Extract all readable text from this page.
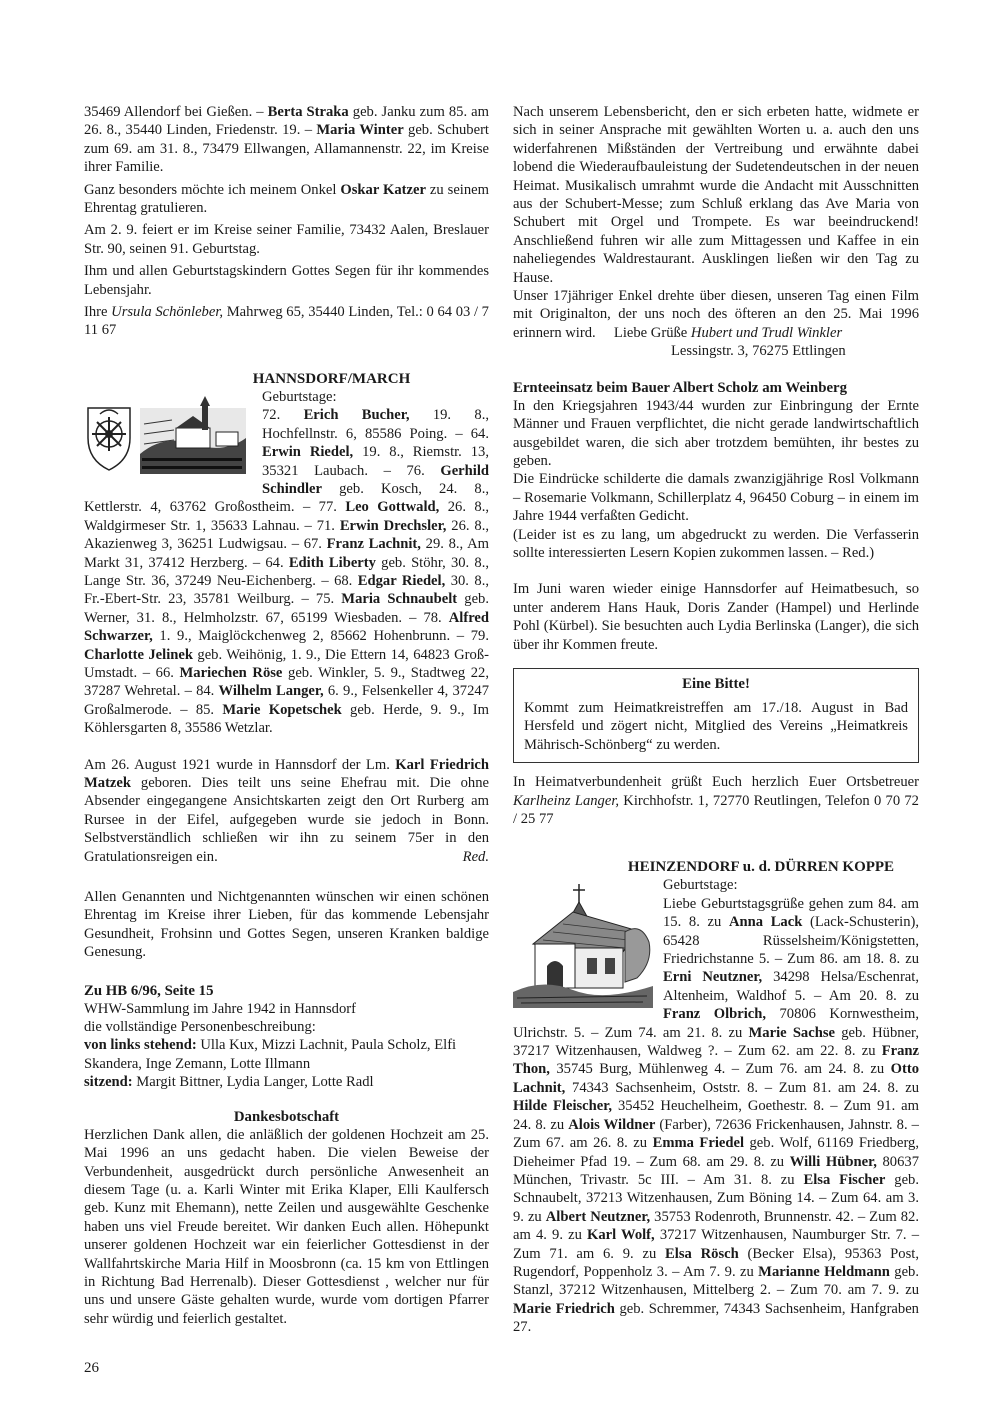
35469 Allendorf bei Gießen. – Berta Straka geb. Janku zum 85. am 26. 8., 35440 Linden, Friedenstr. 19. – Maria Winter geb. Schubert zum 69. am 31. 8., 73479 Ellwangen, Allamannenstr. 22, im Kreise ihrer Familie.

Ganz besonders möchte ich meinem Onkel Oskar Katzer zu seinem Ehrentag gratulieren.

Am 2. 9. feiert er im Kreise seiner Familie, 73432 Aalen, Breslauer Str. 90, seinen 91. Geburtstag.

Ihm und allen Geburtstagskindern Gottes Segen für ihr kommendes Lebensjahr.

Ihre Ursula Schönleber, Mahrweg 65, 35440 Linden, Tel.: 0 64 03 / 7 11 67

HANNSDORF/MARCH
Geburtstage:
72. Erich Bucher, 19. 8., Hochfellnstr. 6, 85586 Poing. – 64. Erwin Riedel, 19. 8., Riemstr. 13, 35321 Laubach. – 76. Gerhild Schindler geb. Kosch, 24. 8., Kettlerstr. 4, 63762 Großostheim. – 77. Leo Gottwald, 26. 8., Waldgirmeser Str. 1, 35633 Lahnau. – 71. Erwin Drechsler, 26. 8., Akazienweg 3, 36251 Ludwigsau. – 67. Franz Lachnit, 29. 8., Am Markt 31, 37412 Herzberg. – 64. Edith Liberty geb. Stöhr, 30. 8., Lange Str. 36, 37249 Neu-Eichenberg. – 68. Edgar Riedel, 30. 8., Fr.-Ebert-Str. 23, 35781 Weilburg. – 75. Maria Schnaubelt geb. Werner, 31. 8., Helmholzstr. 67, 65199 Wiesbaden. – 78. Alfred Schwarzer, 1. 9., Maiglöckchenweg 2, 85662 Hohenbrunn. – 79. Charlotte Jelinek geb. Weihönig, 1. 9., Die Ettern 14, 64823 Groß-Umstadt. – 66. Mariechen Röse geb. Winkler, 5. 9., Stadtweg 22, 37287 Wehretal. – 84. Wilhelm Langer, 6. 9., Felsenkeller 4, 37247 Großalmerode. – 85. Marie Kopetschek geb. Herde, 9. 9., Im Köhlersgarten 8, 35586 Wetzlar.

Am 26. August 1921 wurde in Hannsdorf der Lm. Karl Friedrich Matzek geboren. Dies teilt uns seine Ehefrau mit. Die ohne Absender eingegangene Ansichtskarten zeigt den Ort Rurberg am Rursee in der Eifel, aufgegeben wurde sie jedoch in Bonn. Selbstverständlich schließen wir ihn zu seinem 75er in den Gratulationsreigen ein.	Red.

Allen Genannten und Nichtgenannten wünschen wir einen schönen Ehrentag im Kreise ihrer Lieben, für das kommende Lebensjahr Gesundheit, Frohsinn und Gottes Segen, unseren Kranken baldige Genesung.

Zu HB 6/96, Seite 15
WHW-Sammlung im Jahre 1942 in Hannsdorf
die vollständige Personenbeschreibung:
von links stehend: Ulla Kux, Mizzi Lachnit, Paula Scholz, Elfi Skandera, Inge Zemann, Lotte Illmann
sitzend: Margit Bittner, Lydia Langer, Lotte Radl
Dankesbotschaft

Herzlichen Dank allen, die anläßlich der goldenen Hochzeit am 25. Mai 1996 an uns gedacht haben. Die vielen Beweise der Verbundenheit, ausgedrückt durch persönliche Anwesenheit an diesem Tage (u. a. Karli Winter mit Erika Klaper, Elli Kaulfersch geb. Kunz mit Ehemann), nette Zeilen und ausgewählte Geschenke haben uns viel Freude bereitet. Wir danken Euch allen. Höhepunkt unserer goldenen Hochzeit war ein feierlicher Gottesdienst in der Wallfahrtskirche Maria Hilf in Moosbronn (ca. 15 km von Ettlingen in Richtung Bad Herrenalb). Dieser Gottesdienst , welcher nur für uns und unsere Gäste gehalten wurde, wurde vom dortigen Pfarrer sehr würdig und feierlich gestaltet.

Nach unserem Lebensbericht, den er sich erbeten hatte, widmete er sich in seiner Ansprache mit gewählten Worten u. a. auch den uns widerfahrenen Mißständen der Vertreibung und erwähnte dabei lobend die Wiederaufbauleistung der Sudetendeutschen in der neuen Heimat. Musikalisch umrahmt wurde die Andacht mit Ausschnitten aus der Schubert-Messe; zum Schluß erklang das Ave Maria von Schubert mit Orgel und Trompete. Es war beeindruckend! Anschließend fuhren wir alle zum Mittagessen und Kaffee in ein naheliegendes Waldrestaurant. Ausklingen ließen wir den Tag zu Hause.

Unser 17jähriger Enkel drehte über diesen, unseren Tag einen Film mit Originalton, der uns noch des öfteren an den 25. Mai 1996 erinnern wird. Liebe Grüße Hubert und Trudl Winkler

Lessingstr. 3, 76275 Ettlingen
Ernteeinsatz beim Bauer Albert Scholz am Weinberg

In den Kriegsjahren 1943/44 wurden zur Einbringung der Ernte Männer und Frauen verpflichtet, die nicht gerade landwirtschaftlich ausgebildet waren, die sich aber trotzdem bemühten, ihr bestes zu geben.

Die Eindrücke schilderte die damals zwanzigjährige Rosl Volkmann – Rosemarie Volkmann, Schillerplatz 4, 96450 Coburg – in einem im Jahre 1944 verfaßten Gedicht.

(Leider ist es zu lang, um abgedruckt zu werden. Die Verfasserin sollte interessierten Lesern Kopien zukommen lassen. – Red.)

Im Juni waren wieder einige Hannsdorfer auf Heimatbesuch, so unter anderem Hans Hauk, Doris Zander (Hampel) und Herlinde Pohl (Kürbel). Sie besuchten auch Lydia Berlinska (Langer), die sich über ihr Kommen freute.

Eine Bitte!

Kommt zum Heimatkreistreffen am 17./18. August in Bad Hersfeld und zögert nicht, Mitglied des Vereins „Heimatkreis Mährisch-Schönberg“ zu werden.

In Heimatverbundenheit grüßt Euch herzlich Euer Ortsbetreuer Karlheinz Langer, Kirchhofstr. 1, 72770 Reutlingen, Telefon 0 70 72 / 25 77

HEINZENDORF u. d. DÜRREN KOPPE
Geburtstage:
Liebe Geburtstagsgrüße gehen zum 84. am 15. 8. zu Anna Lack (Lack-Schusterin), 65428 Rüsselsheim/Königstetten, Friedrichstanne 5. – Zum 86. am 18. 8. zu Erni Neutzner, 34298 Helsa/Eschenrat, Altenheim, Waldhof 5. – Am 20. 8. zu Franz Olbrich, 70806 Kornwestheim, Ulrichstr. 5. – Zum 74. am 21. 8. zu Marie Sachse geb. Hübner, 37217 Witzenhausen, Waldweg ?. – Zum 62. am 22. 8. zu Franz Thon, 35745 Burg, Mühlenweg 4. – Zum 76. am 24. 8. zu Otto Lachnit, 74343 Sachsenheim, Oststr. 8. – Zum 81. am 24. 8. zu Hilde Fleischer, 35452 Heuchelheim, Goethestr. 8. – Zum 91. am 24. 8. zu Alois Wildner (Farber), 72636 Frickenhausen, Jahnstr. 8. – Zum 67. am 26. 8. zu Emma Friedel geb. Wolf, 61169 Friedberg, Dieheimer Pfad 19. – Zum 68. am 29. 8. zu Willi Hübner, 80637 München, Trivastr. 5c III. – Am 31. 8. zu Elsa Fischer geb. Schnaubelt, 37213 Witzenhausen, Zum Böning 14. – Zum 64. am 3. 9. zu Albert Neutzner, 35753 Rodenroth, Brunnenstr. 42. – Zum 82. am 4. 9. zu Karl Wolf, 37217 Witzenhausen, Naumburger Str. 7. – Zum 71. am 6. 9. zu Elsa Rösch (Becker Elsa), 95363 Post, Rugendorf, Poppenholz 3. – Am 7. 9. zu Marianne Heldmann geb. Stanzl, 37212 Witzenhausen, Mittelberg 2. – Zum 70. am 7. 9. zu Marie Friedrich geb. Schremmer, 74343 Sachsenheim, Hanfgraben 27.
26
